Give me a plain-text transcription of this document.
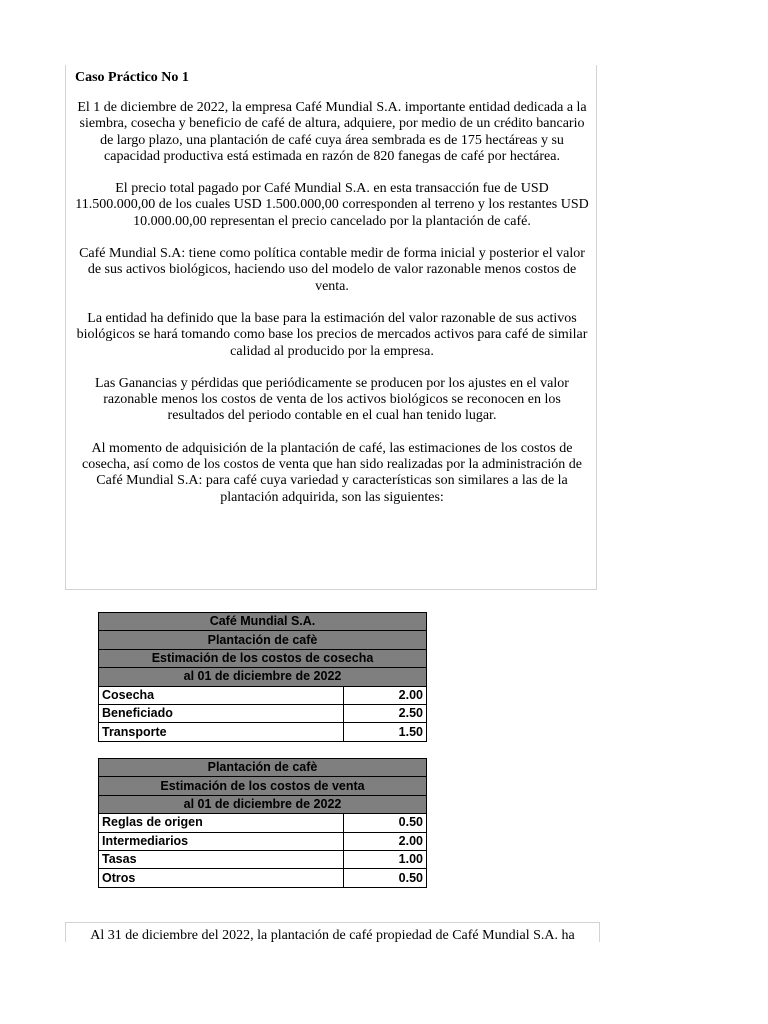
Caso Práctico No 1

El 1 de diciembre de 2022, la empresa Café Mundial S.A. importante entidad dedicada a la siembra, cosecha y beneficio de café de altura, adquiere, por medio de un crédito bancario de largo plazo, una plantación de café cuya área sembrada es de 175 hectáreas y su capacidad productiva está estimada en razón de 820 fanegas de café por hectárea.

El precio total pagado por Café Mundial S.A. en esta transacción fue de USD 11.500.000,00 de los cuales USD 1.500.000,00 corresponden al terreno y los restantes USD 10.000.00,00 representan el precio cancelado por la plantación de café.

Café Mundial S.A: tiene como política contable medir de forma inicial y posterior el valor de sus activos biológicos, haciendo uso del modelo de valor razonable menos costos de venta.

La entidad ha definido que la base para la estimación del valor razonable de sus activos biológicos se hará tomando como base los precios de mercados activos para café de similar calidad al producido por la empresa.

Las Ganancias y pérdidas que periódicamente se producen por los ajustes en el valor razonable menos los costos de venta de los activos biológicos se reconocen en los resultados del periodo contable en el cual han tenido lugar.

Al momento de adquisición de la plantación de café, las estimaciones de los costos de cosecha, así como de los costos de venta que han sido realizadas por la administración de Café Mundial S.A: para café cuya variedad y características son similares a las de la plantación adquirida, son las siguientes:

Café Mundial S.A.	
Plantación de cafè	
Estimación de los costos de cosecha	
al 01 de diciembre de 2022	
Cosecha	2.00
Beneficiado	2.50
Transporte	1.50
Plantación de cafè	
Estimación de los costos de venta	
al 01 de diciembre de 2022	
Reglas de origen	0.50
Intermediarios	2.00
Tasas	1.00
Otros	0.50
Al 31 de diciembre del 2022, la plantación de café propiedad de Café Mundial S.A. ha
